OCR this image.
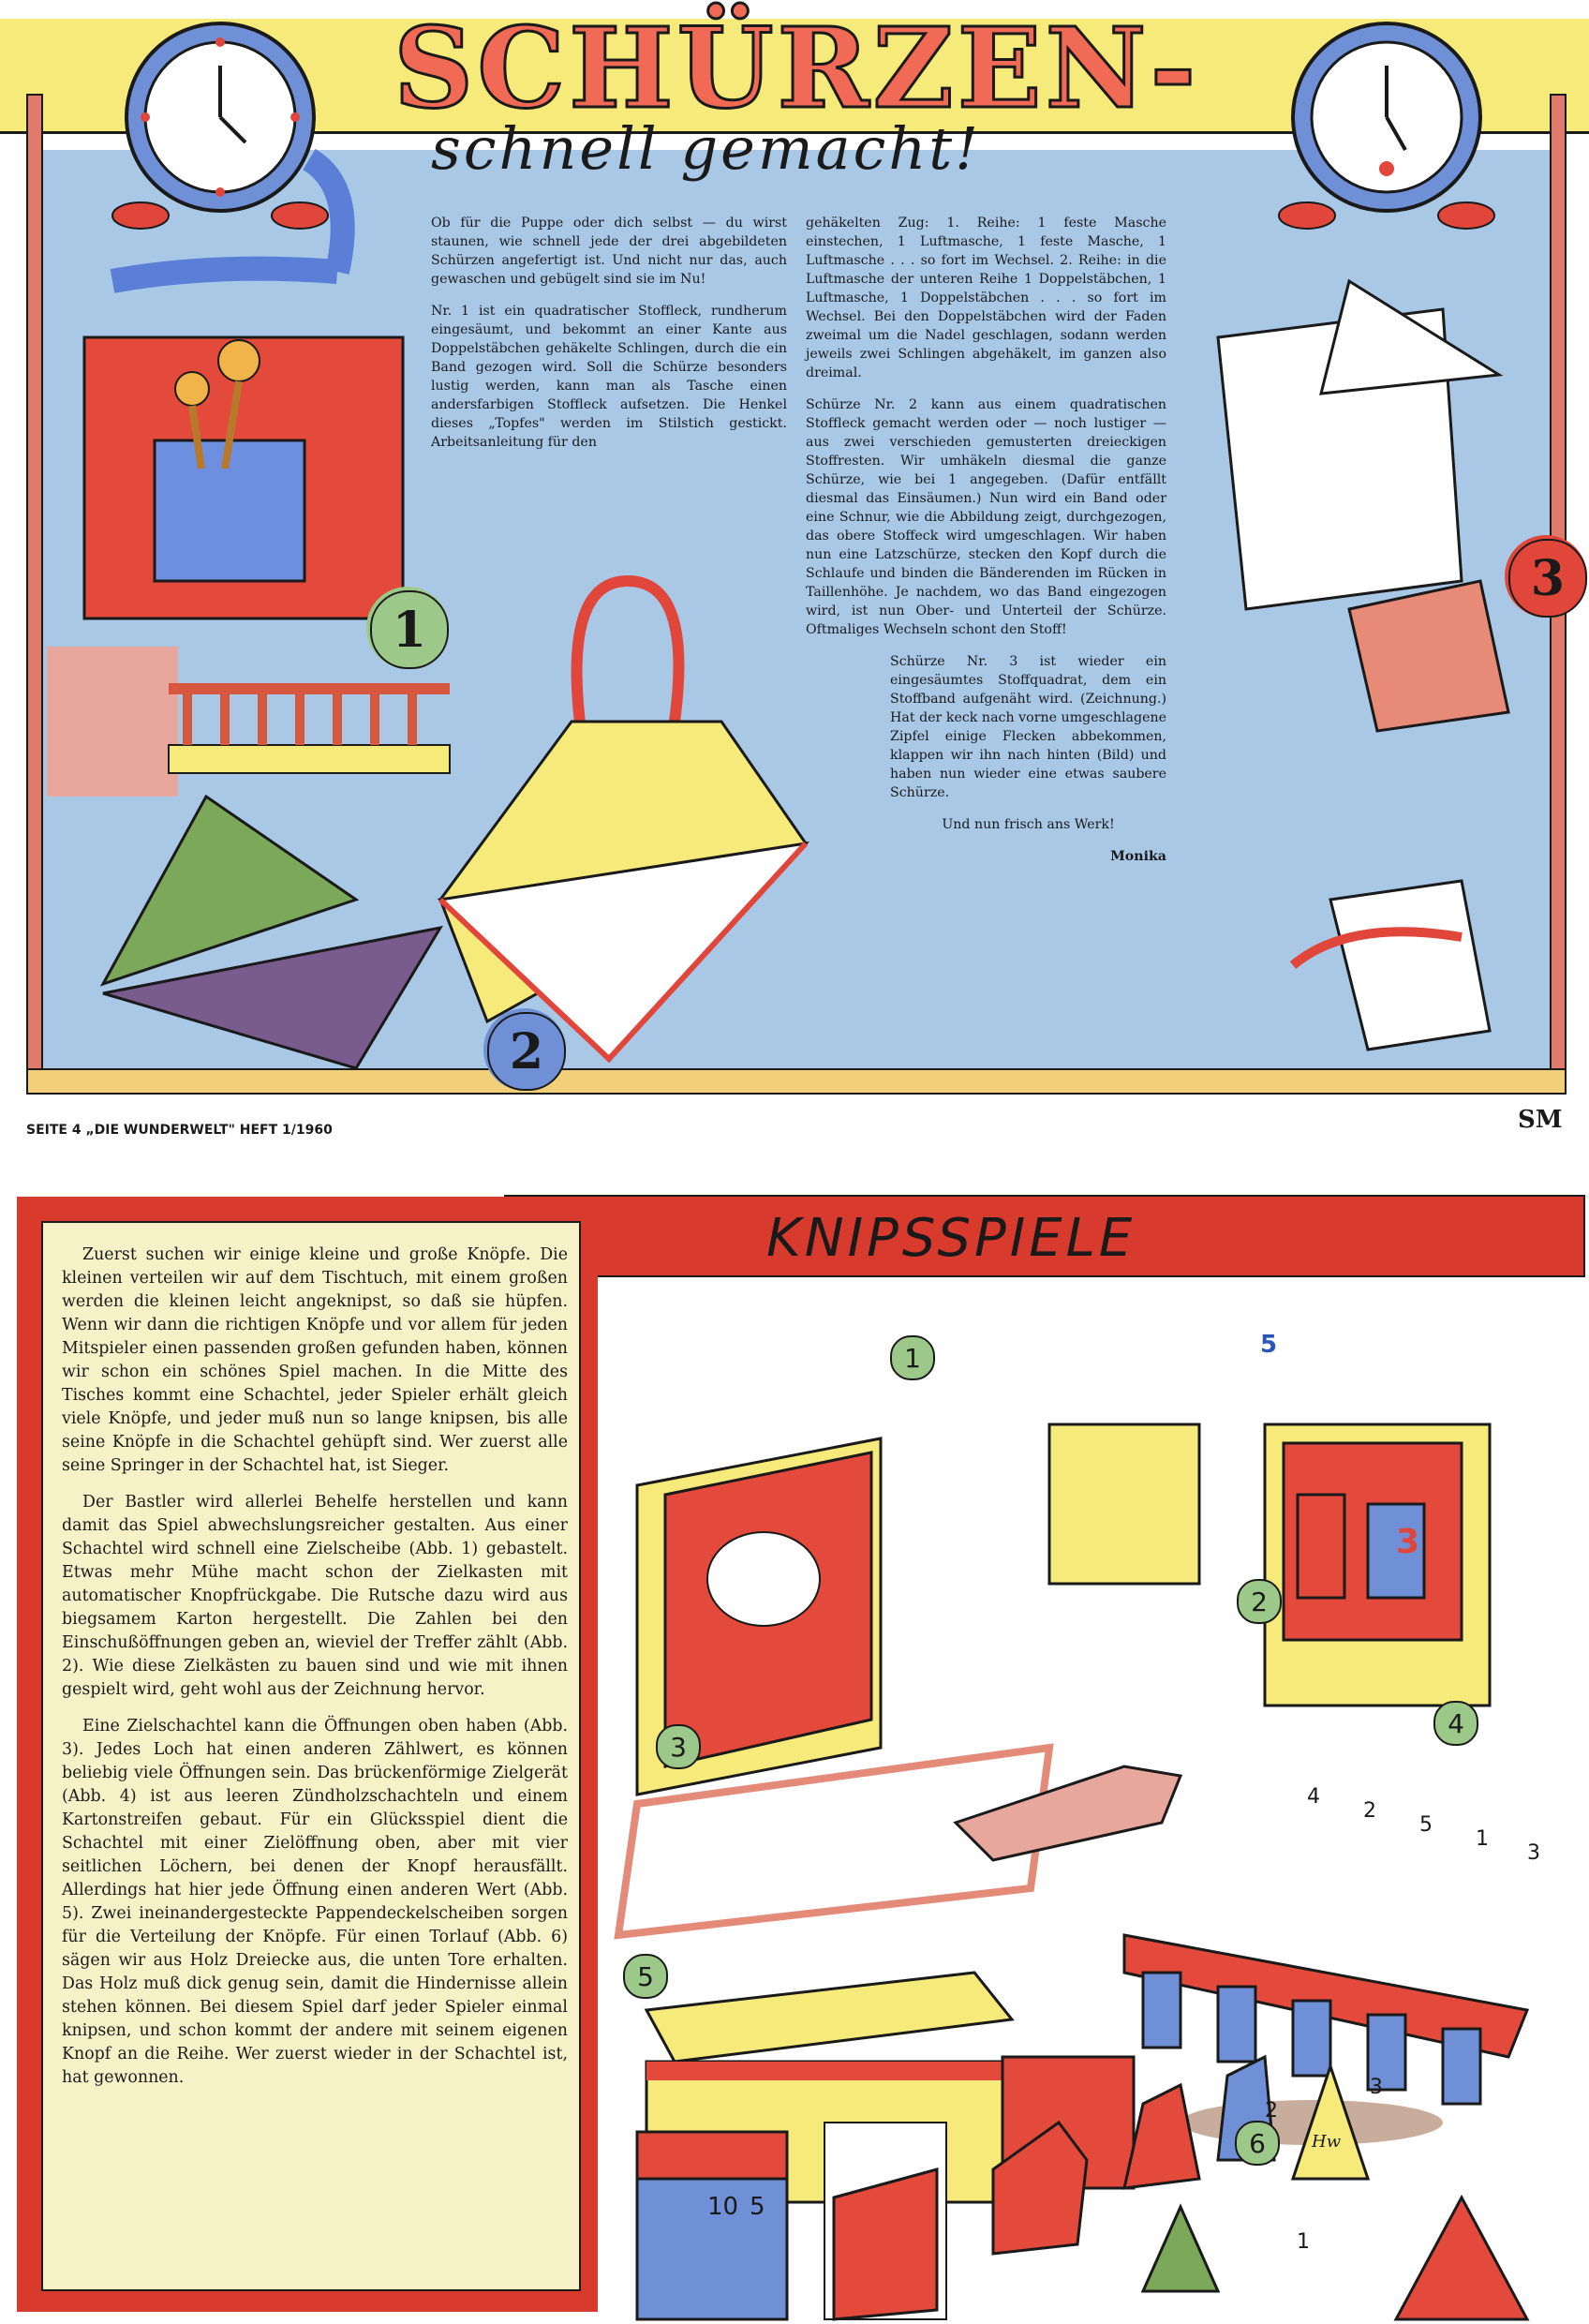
SCHÜRZEN-
schnell gemacht!
1
2
3

Ob für die Puppe oder dich selbst — du wirst staunen, wie schnell jede der drei abgebildeten Schürzen angefertigt ist. Und nicht nur das, auch gewaschen und gebügelt sind sie im Nu!

Nr. 1 ist ein quadratischer Stoffleck, rundherum eingesäumt, und bekommt an einer Kante aus Doppelstäbchen gehäkelte Schlingen, durch die ein Band gezogen wird. Soll die Schürze besonders lustig werden, kann man als Tasche einen andersfarbigen Stoffleck aufsetzen. Die Henkel dieses „Topfes" werden im Stilstich gestickt. Arbeitsanleitung für den

gehäkelten Zug: 1. Reihe: 1 feste Masche einstechen, 1 Luftmasche, 1 feste Masche, 1 Luftmasche . . . so fort im Wechsel. 2. Reihe: in die Luftmasche der unteren Reihe 1 Doppelstäbchen, 1 Luftmasche, 1 Doppelstäbchen . . . so fort im Wechsel. Bei den Doppelstäbchen wird der Faden zweimal um die Nadel geschlagen, sodann werden jeweils zwei Schlingen abgehäkelt, im ganzen also dreimal.

Schürze Nr. 2 kann aus einem quadratischen Stoffleck gemacht werden oder — noch lustiger — aus zwei verschieden gemusterten dreieckigen Stoffresten. Wir umhäkeln diesmal die ganze Schürze, wie bei 1 angegeben. (Dafür entfällt diesmal das Einsäumen.) Nun wird ein Band oder eine Schnur, wie die Abbildung zeigt, durchgezogen, das obere Stoffeck wird umgeschlagen. Wir haben nun eine Latzschürze, stecken den Kopf durch die Schlaufe und binden die Bänderenden im Rücken in Taillenhöhe. Je nachdem, wo das Band eingezogen wird, ist nun Ober- und Unterteil der Schürze. Oftmaliges Wechseln schont den Stoff!

Schürze Nr. 3 ist wieder ein eingesäumtes Stoffquadrat, dem ein Stoffband aufgenäht wird. (Zeichnung.) Hat der keck nach vorne umgeschlagene Zipfel einige Flecken abbekommen, klappen wir ihn nach hinten (Bild) und haben nun wieder eine etwas saubere Schürze.

Und nun frisch ans Werk!

Monika

SEITE 4 „DIE WUNDERWELT" HEFT 1/1960	SM
KNIPSSPIELE

Zuerst suchen wir einige kleine und große Knöpfe. Die kleinen verteilen wir auf dem Tischtuch, mit einem großen werden die kleinen leicht angeknipst, so daß sie hüpfen. Wenn wir dann die richtigen Knöpfe und vor allem für jeden Mitspieler einen passenden großen gefunden haben, können wir schon ein schönes Spiel machen. In die Mitte des Tisches kommt eine Schachtel, jeder Spieler erhält gleich viele Knöpfe, und jeder muß nun so lange knipsen, bis alle seine Knöpfe in die Schachtel gehüpft sind. Wer zuerst alle seine Springer in der Schachtel hat, ist Sieger.

Der Bastler wird allerlei Behelfe herstellen und kann damit das Spiel abwechslungsreicher gestalten. Aus einer Schachtel wird schnell eine Zielscheibe (Abb. 1) gebastelt. Etwas mehr Mühe macht schon der Zielkasten mit automatischer Knopfrückgabe. Die Rutsche dazu wird aus biegsamem Karton hergestellt. Die Zahlen bei den Einschußöffnungen geben an, wieviel der Treffer zählt (Abb. 2). Wie diese Zielkästen zu bauen sind und wie mit ihnen gespielt wird, geht wohl aus der Zeichnung hervor.

Eine Zielschachtel kann die Öffnungen oben haben (Abb. 3). Jedes Loch hat einen anderen Zählwert, es können beliebig viele Öffnungen sein. Das brückenförmige Zielgerät (Abb. 4) ist aus leeren Zündholzschachteln und einem Kartonstreifen gebaut. Für ein Glücksspiel dient die Schachtel mit einer Zielöffnung oben, aber mit vier seitlichen Löchern, bei denen der Knopf herausfällt. Allerdings hat hier jede Öffnung einen anderen Wert (Abb. 5). Zwei ineinandergesteckte Pappendeckelscheiben sorgen für die Verteilung der Knöpfe. Für einen Torlauf (Abb. 6) sägen wir aus Holz Dreiecke aus, die unten Tore erhalten. Das Holz muß dick genug sein, damit die Hindernisse allein stehen können. Bei diesem Spiel darf jeder Spieler einmal knipsen, und schon kommt der andere mit seinem eigenen Knopf an die Reihe. Wer zuerst wieder in der Schachtel ist, hat gewonnen.

1
2
3
4
5
6
5
3
10 5
4
2
5
1
3
2
3
1
Hw
